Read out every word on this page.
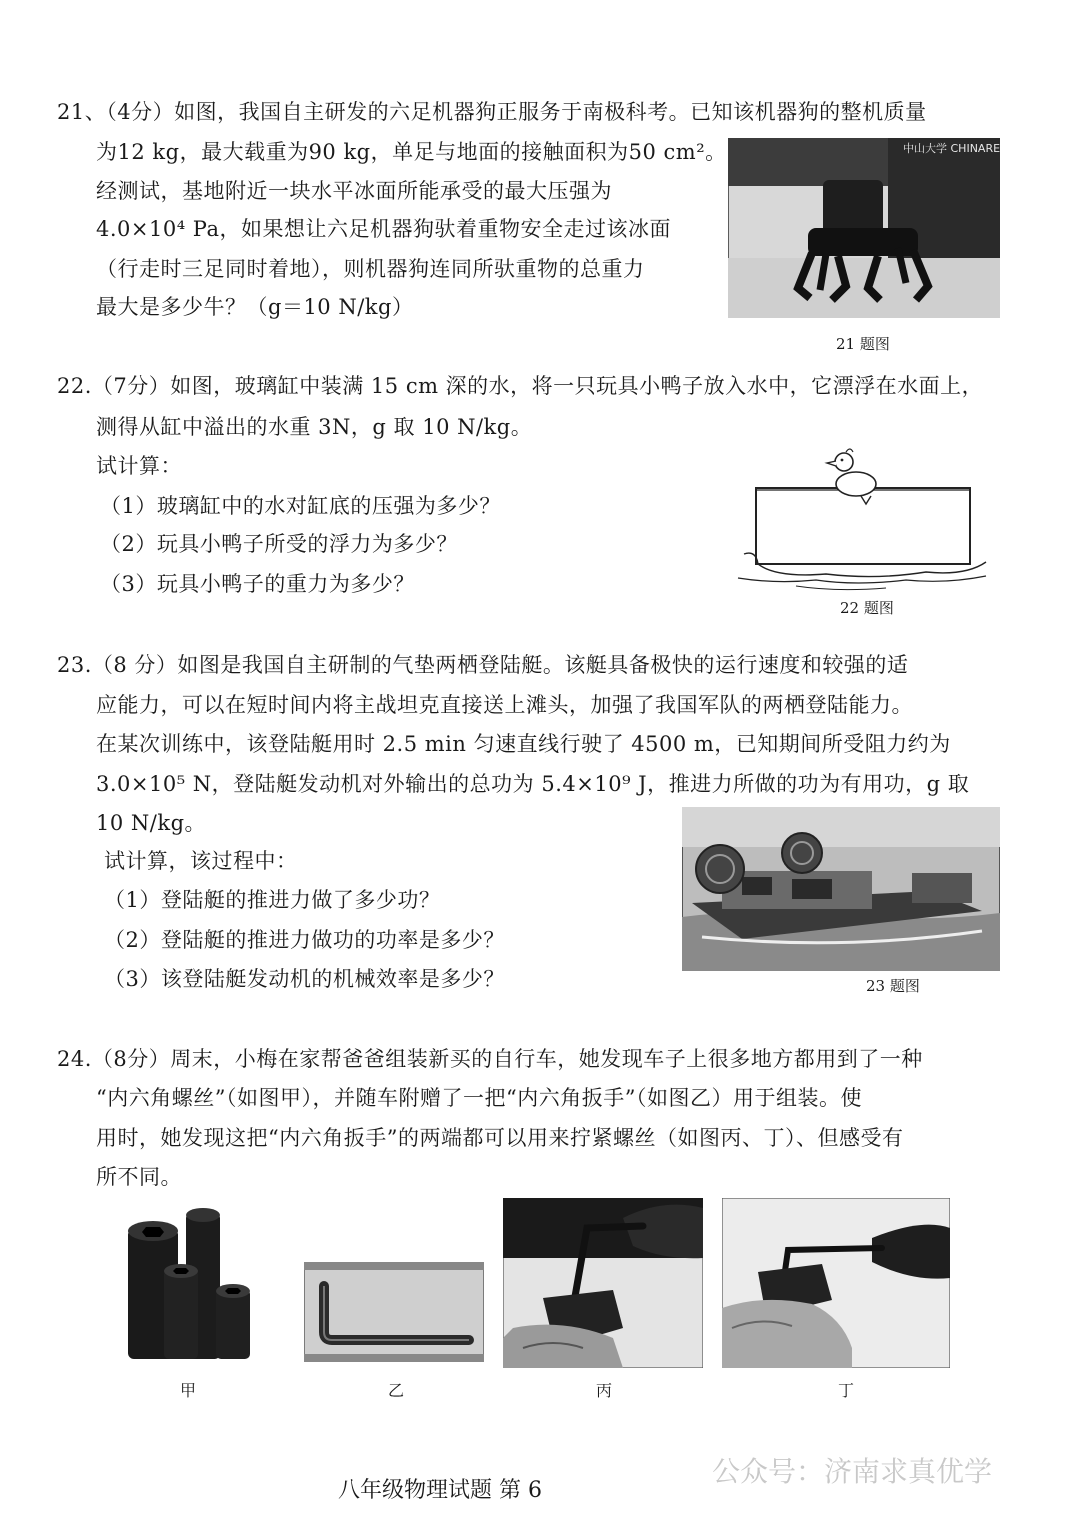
21、（4分）如图，我国自主研发的六足机器狗正服务于南极科考。已知该机器狗的整机质量
为12 kg，最大载重为90 kg，单足与地面的接触面积为50 cm²。
经测试，基地附近一块水平冰面所能承受的最大压强为
4.0×10⁴ Pa，如果想让六足机器狗驮着重物安全走过该冰面
（行走时三足同时着地），则机器狗连同所驮重物的总重力
最大是多少牛？（g＝10 N/kg）
中山大学 CHINARE
21 题图
22.（7分）如图，玻璃缸中装满 15 cm 深的水，将一只玩具小鸭子放入水中，它漂浮在水面上，
测得从缸中溢出的水重 3N，g 取 10 N/kg。
试计算：
（1）玻璃缸中的水对缸底的压强为多少？
（2）玩具小鸭子所受的浮力为多少？
（3）玩具小鸭子的重力为多少？
22 题图
23.（8 分）如图是我国自主研制的气垫两栖登陆艇。该艇具备极快的运行速度和较强的适
应能力，可以在短时间内将主战坦克直接送上滩头，加强了我国军队的两栖登陆能力。
在某次训练中，该登陆艇用时 2.5 min 匀速直线行驶了 4500 m，已知期间所受阻力约为
3.0×10⁵ N，登陆艇发动机对外输出的总功为 5.4×10⁹ J，推进力所做的功为有用功，g 取
10 N/kg。
试计算，该过程中：
（1）登陆艇的推进力做了多少功？
（2）登陆艇的推进力做功的功率是多少？
（3）该登陆艇发动机的机械效率是多少？	23 题图
24.（8分）周末，小梅在家帮爸爸组装新买的自行车，她发现车子上很多地方都用到了一种
“内六角螺丝”（如图甲），并随车附赠了一把“内六角扳手”（如图乙）用于组装。使
用时，她发现这把“内六角扳手”的两端都可以用来拧紧螺丝（如图丙、丁）、但感受有
所不同。
甲	乙	丙	丁
八年级物理试题 第 6
公众号：济南求真优学
